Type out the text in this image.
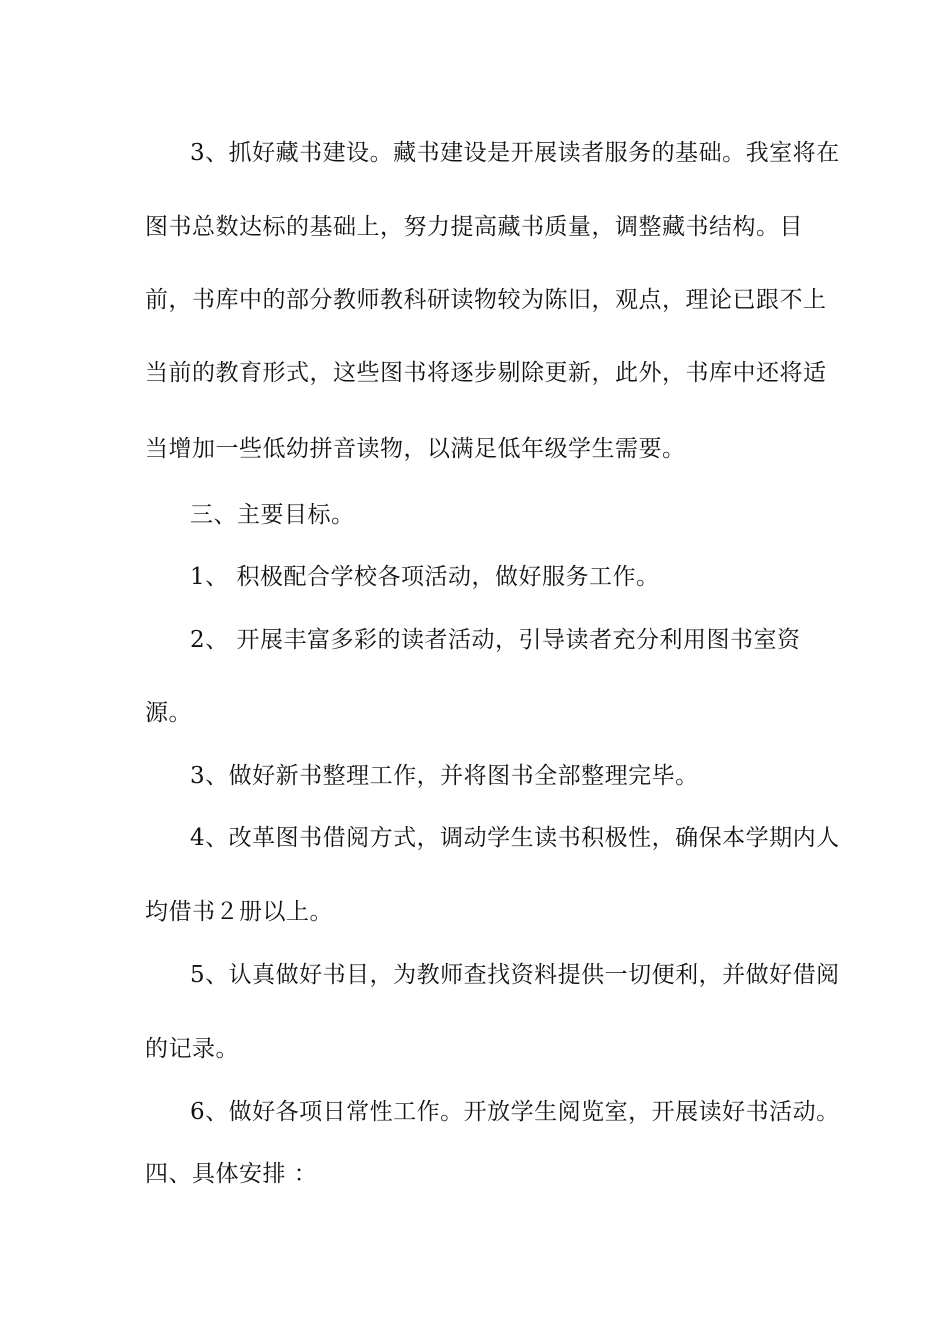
3、抓好藏书建设。藏书建设是开展读者服务的基础。我室将在
图书总数达标的基础上，努力提高藏书质量，调整藏书结构。目
前，书库中的部分教师教科研读物较为陈旧，观点，理论已跟不上
当前的教育形式，这些图书将逐步剔除更新，此外，书库中还将适
当增加一些低幼拼音读物，以满足低年级学生需要。
三、主要目标。
1、 积极配合学校各项活动，做好服务工作。
2、 开展丰富多彩的读者活动，引导读者充分利用图书室资
源。
3、做好新书整理工作，并将图书全部整理完毕。
4、改革图书借阅方式，调动学生读书积极性，确保本学期内人
均借书２册以上。
5、认真做好书目，为教师查找资料提供一切便利，并做好借阅
的记录。
6、做好各项日常性工作。开放学生阅览室，开展读好书活动。
四、具体安排 ：
